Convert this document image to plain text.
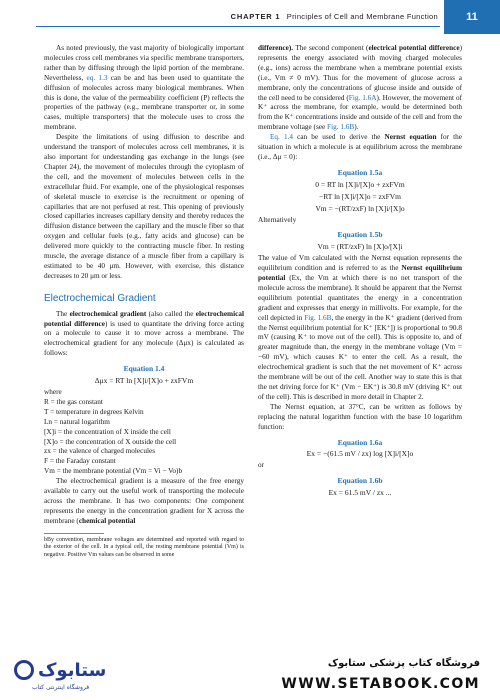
CHAPTER 1 Principles of Cell and Membrane Function	11

As noted previously, the vast majority of biologically important molecules cross cell membranes via specific membrane transporters, rather than by diffusing through the lipid portion of the membrane. Nevertheless, eq. 1.3 can be and has been used to quantitate the diffusion of molecules across many biological membranes. When this is done, the value of the permeability coefficient (P) reflects the properties of the pathway (e.g., membrane transporter or, in some cases, multiple transporters) that the molecule uses to cross the membrane.

Despite the limitations of using diffusion to describe and understand the transport of molecules across cell membranes, it is also important for understanding gas exchange in the lungs (see Chapter 24), the movement of molecules through the cytoplasm of the cell, and the movement of molecules between cells in the extracellular fluid. For example, one of the physiological responses of skeletal muscle to exercise is the recruitment or opening of capillaries that are not perfused at rest. This opening of previously closed capillaries increases capillary density and thereby reduces the diffusion distance between the capillary and the muscle fiber so that oxygen and cellular fuels (e.g., fatty acids and glucose) can be delivered more quickly to the contracting muscle fiber. In resting muscle, the average distance of a muscle fiber from a capillary is estimated to be 40 μm. However, with exercise, this distance decreases to 20 μm or less.

Electrochemical Gradient

The electrochemical gradient (also called the electrochemical potential difference) is used to quantitate the driving force acting on a molecule to cause it to move across a membrane. The electrochemical gradient for any molecule (Δμx) is calculated as follows:

Equation 1.4
Δμx = RT ln [X]i/[X]o + zxFVm

where

R = the gas constant

T = temperature in degrees Kelvin

Ln = natural logarithm

[X]i = the concentration of X inside the cell

[X]o = the concentration of X outside the cell

zx = the valence of charged molecules

F = the Faraday constant

Vm = the membrane potential (Vm = Vi − Vo)b

The electrochemical gradient is a measure of the free energy available to carry out the useful work of transporting the molecule across the membrane. It has two components: One component represents the energy in the concentration gradient for X across the membrane (chemical potential

bBy convention, membrane voltages are determined and reported with regard to the exterior of the cell. In a typical cell, the resting membrane potential (Vm) is negative. Positive Vm values can be observed in some

difference). The second component (electrical potential difference) represents the energy associated with moving charged molecules (e.g., ions) across the membrane when a membrane potential exists (i.e., Vm ≠ 0 mV). Thus for the movement of glucose across a membrane, only the concentrations of glucose inside and outside of the cell need to be considered (Fig. 1.6A). However, the movement of K⁺ across the membrane, for example, would be determined both from the K⁺ concentrations inside and outside of the cell and from the membrane voltage (see Fig. 1.6B).

Eq. 1.4 can be used to derive the Nernst equation for the situation in which a molecule is at equilibrium across the membrane (i.e., Δμ = 0):

Equation 1.5a
0 = RT ln [X]i/[X]o + zxFVm
−RT ln [X]i/[X]o = zxFVm
Vm = −(RT/zxF) ln [X]i/[X]o

Alternatively

Equation 1.5b
Vm = (RT/zxF) ln [X]o/[X]i

The value of Vm calculated with the Nernst equation represents the equilibrium condition and is referred to as the Nernst equilibrium potential (Ex, the Vm at which there is no net transport of the molecule across the membrane). It should be apparent that the Nernst equilibrium potential quantitates the energy in a concentration gradient and expresses that energy in millivolts. For example, for the cell depicted in Fig. 1.6B, the energy in the K⁺ gradient (derived from the Nernst equilibrium potential for K⁺ [EK⁺]) is proportional to 90.8 mV (causing K⁺ to move out of the cell). This is opposite to, and of greater magnitude than, the energy in the membrane voltage (Vm = −60 mV), which causes K⁺ to enter the cell. As a result, the electrochemical gradient is such that the net movement of K⁺ across the membrane will be out of the cell. Another way to state this is that the net driving force for K⁺ (Vm − EK⁺) is 30.8 mV (driving K⁺ out of the cell). This is described in more detail in Chapter 2.

The Nernst equation, at 37°C, can be written as follows by replacing the natural logarithm function with the base 10 logarithm function:

Equation 1.6a
Ex = −(61.5 mV / zx) log [X]i/[X]o

or

Equation 1.6b
Ex = 61.5 mV / zx ...
ستابوک
فروشگاه اینترنتی کتاب
فروشگاه کتاب پزشکی ستابوک
WWW.SETABOOK.COM
